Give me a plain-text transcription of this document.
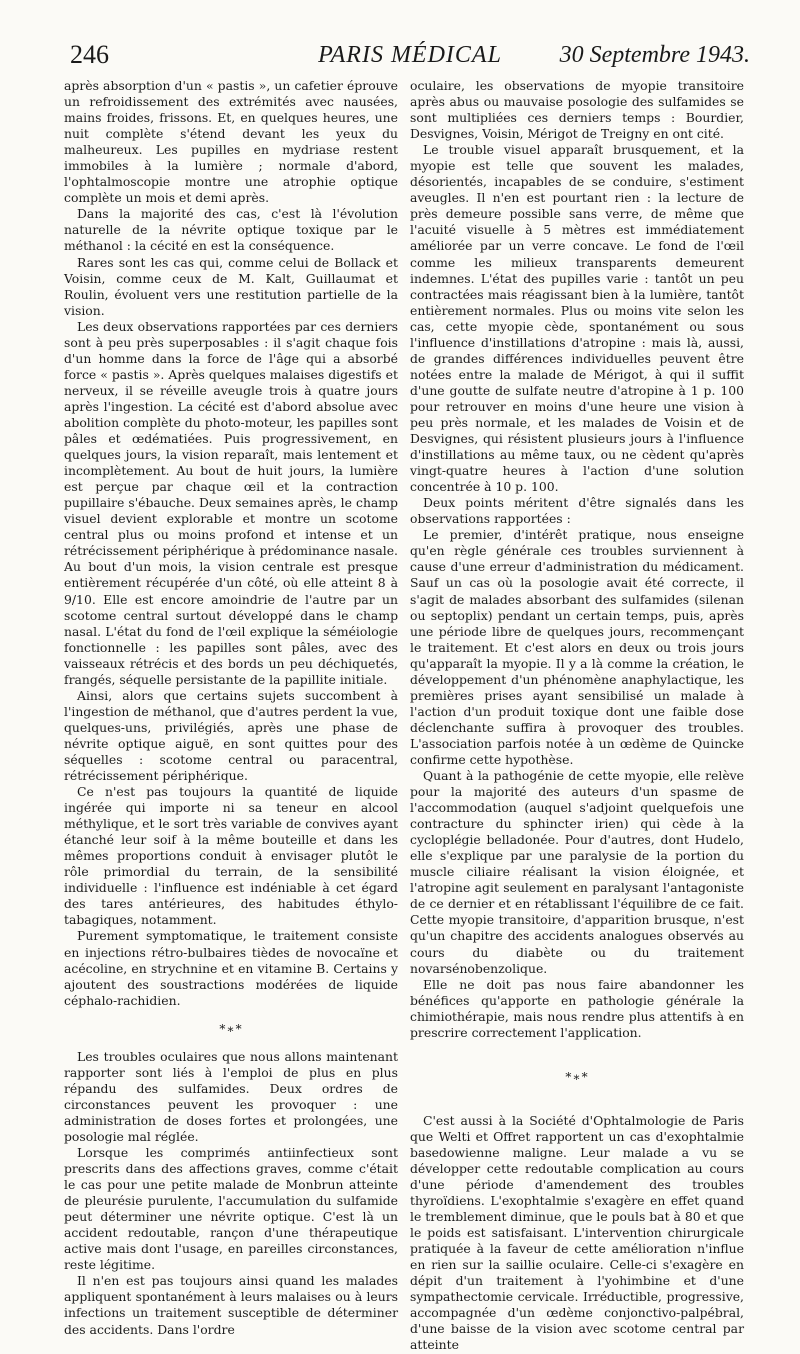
246	PARIS MÉDICAL	30 Septembre 1943.

après absorption d'un « pastis », un cafetier éprouve un refroidissement des extrémités avec nausées, mains froides, frissons. Et, en quelques heures, une nuit complète s'étend devant les yeux du malheureux. Les pupilles en mydriase restent immobiles à la lumière ; normale d'abord, l'ophtalmoscopie montre une atrophie optique complète un mois et demi après.

Dans la majorité des cas, c'est là l'évolution naturelle de la névrite optique toxique par le méthanol : la cécité en est la conséquence.

Rares sont les cas qui, comme celui de Bollack et Voisin, comme ceux de M. Kalt, Guillaumat et Roulin, évoluent vers une restitution partielle de la vision.

Les deux observations rapportées par ces derniers sont à peu près superposables : il s'agit chaque fois d'un homme dans la force de l'âge qui a absorbé force « pastis ». Après quelques malaises digestifs et nerveux, il se réveille aveugle trois à quatre jours après l'ingestion. La cécité est d'abord absolue avec abolition complète du photo-moteur, les papilles sont pâles et œdématiées. Puis progressivement, en quelques jours, la vision reparaît, mais lentement et incomplètement. Au bout de huit jours, la lumière est perçue par chaque œil et la contraction pupillaire s'ébauche. Deux semaines après, le champ visuel devient explorable et montre un scotome central plus ou moins profond et intense et un rétrécissement périphérique à prédominance nasale. Au bout d'un mois, la vision centrale est presque entièrement récupérée d'un côté, où elle atteint 8 à 9/10. Elle est encore amoindrie de l'autre par un scotome central surtout développé dans le champ nasal. L'état du fond de l'œil explique la séméiologie fonctionnelle : les papilles sont pâles, avec des vaisseaux rétrécis et des bords un peu déchiquetés, frangés, séquelle persistante de la papillite initiale.

Ainsi, alors que certains sujets succombent à l'ingestion de méthanol, que d'autres perdent la vue, quelques-uns, privilégiés, après une phase de névrite optique aiguë, en sont quittes pour des séquelles : scotome central ou paracentral, rétrécissement périphérique.

Ce n'est pas toujours la quantité de liquide ingérée qui importe ni sa teneur en alcool méthylique, et le sort très variable de convives ayant étanché leur soif à la même bouteille et dans les mêmes proportions conduit à envisager plutôt le rôle primordial du terrain, de la sensibilité individuelle : l'influence est indéniable à cet égard des tares antérieures, des habitudes éthylo-tabagiques, notamment.

Purement symptomatique, le traitement consiste en injections rétro-bulbaires tièdes de novocaïne et acécoline, en strychnine et en vitamine B. Certains y ajoutent des soustractions modérées de liquide céphalo-rachidien.

*∗*

Les troubles oculaires que nous allons maintenant rapporter sont liés à l'emploi de plus en plus répandu des sulfamides. Deux ordres de circonstances peuvent les provoquer : une administration de doses fortes et prolongées, une posologie mal réglée.

Lorsque les comprimés antiinfectieux sont prescrits dans des affections graves, comme c'était le cas pour une petite malade de Monbrun atteinte de pleurésie purulente, l'accumulation du sulfamide peut déterminer une névrite optique. C'est là un accident redoutable, rançon d'une thérapeutique active mais dont l'usage, en pareilles circonstances, reste légitime.

Il n'en est pas toujours ainsi quand les malades appliquent spontanément à leurs malaises ou à leurs infections un traitement susceptible de déterminer des accidents. Dans l'ordre

oculaire, les observations de myopie transitoire après abus ou mauvaise posologie des sulfamides se sont multipliées ces derniers temps : Bourdier, Desvignes, Voisin, Mérigot de Treigny en ont cité.

Le trouble visuel apparaît brusquement, et la myopie est telle que souvent les malades, désorientés, incapables de se conduire, s'estiment aveugles. Il n'en est pourtant rien : la lecture de près demeure possible sans verre, de même que l'acuité visuelle à 5 mètres est immédiatement améliorée par un verre concave. Le fond de l'œil comme les milieux transparents demeurent indemnes. L'état des pupilles varie : tantôt un peu contractées mais réagissant bien à la lumière, tantôt entièrement normales. Plus ou moins vite selon les cas, cette myopie cède, spontanément ou sous l'influence d'instillations d'atropine : mais là, aussi, de grandes différences individuelles peuvent être notées entre la malade de Mérigot, à qui il suffit d'une goutte de sulfate neutre d'atropine à 1 p. 100 pour retrouver en moins d'une heure une vision à peu près normale, et les malades de Voisin et de Desvignes, qui résistent plusieurs jours à l'influence d'instillations au même taux, ou ne cèdent qu'après vingt-quatre heures à l'action d'une solution concentrée à 10 p. 100.

Deux points méritent d'être signalés dans les observations rapportées :

Le premier, d'intérêt pratique, nous enseigne qu'en règle générale ces troubles surviennent à cause d'une erreur d'administration du médicament. Sauf un cas où la posologie avait été correcte, il s'agit de malades absorbant des sulfamides (silenan ou septoplix) pendant un certain temps, puis, après une période libre de quelques jours, recommençant le traitement. Et c'est alors en deux ou trois jours qu'apparaît la myopie. Il y a là comme la création, le développement d'un phénomène anaphylactique, les premières prises ayant sensibilisé un malade à l'action d'un produit toxique dont une faible dose déclenchante suffira à provoquer des troubles. L'association parfois notée à un œdème de Quincke confirme cette hypothèse.

Quant à la pathogénie de cette myopie, elle relève pour la majorité des auteurs d'un spasme de l'accommodation (auquel s'adjoint quelquefois une contracture du sphincter irien) qui cède à la cycloplégie belladonée. Pour d'autres, dont Hudelo, elle s'explique par une paralysie de la portion du muscle ciliaire réalisant la vision éloignée, et l'atropine agit seulement en paralysant l'antagoniste de ce dernier et en rétablissant l'équilibre de ce fait. Cette myopie transitoire, d'apparition brusque, n'est qu'un chapitre des accidents analogues observés au cours du diabète ou du traitement novarsénobenzolique.

Elle ne doit pas nous faire abandonner les bénéfices qu'apporte en pathologie générale la chimiothérapie, mais nous rendre plus attentifs à en prescrire correctement l'application.

*∗*

C'est aussi à la Société d'Ophtalmologie de Paris que Welti et Offret rapportent un cas d'exophtalmie basedowienne maligne. Leur malade a vu se développer cette redoutable complication au cours d'une période d'amendement des troubles thyroïdiens. L'exophtalmie s'exagère en effet quand le tremblement diminue, que le pouls bat à 80 et que le poids est satisfaisant. L'intervention chirurgicale pratiquée à la faveur de cette amélioration n'influe en rien sur la saillie oculaire. Celle-ci s'exagère en dépit d'un traitement à l'yohimbine et d'une sympathectomie cervicale. Irréductible, progressive, accompagnée d'un œdème conjonctivo-palpébral, d'une baisse de la vision avec scotome central par atteinte
